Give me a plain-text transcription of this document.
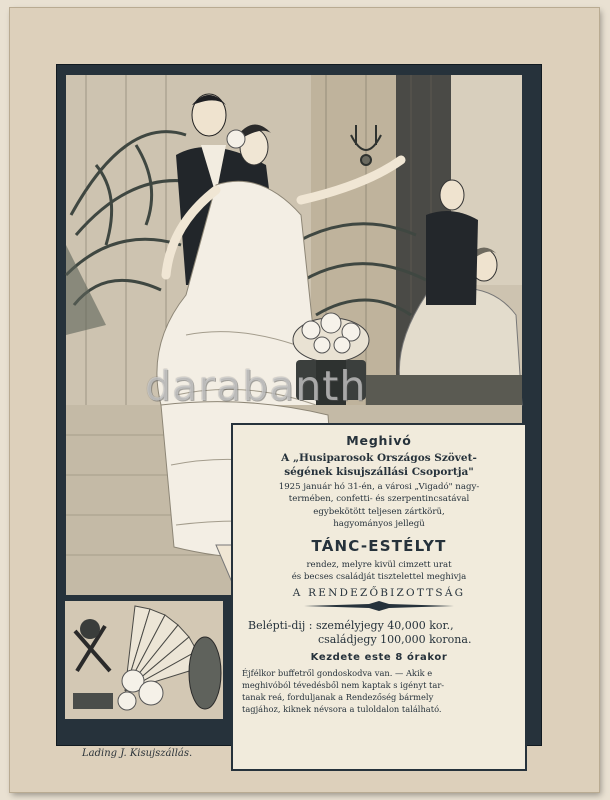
Meghivó
A „Husiparosok Országos Szövet-
ségének kisujszállási Csoportja"
1925 január hó 31-én, a városi „Vigadó" nagy-
termében, confetti- és szerpentincsatával
egybekötött teljesen zártkörü,
hagyományos jellegü
TÁNC-ESTÉLYT
rendez, melyre kivül cimzett urat
és becses családját tisztelettel meghivja
A RENDEZŐBIZOTTSÁG
Belépti-dij : személyjegy 40,000 kor.,
családjegy 100,000 korona.
Kezdete este 8 órakor
Éjfélkor buffetről gondoskodva van. — Akik e
meghivóból tévedésből nem kaptak s igényt tar-
tanak reá, forduljanak a Rendezőség bármely
tagjához, kiknek névsora a tuloldalon található.
Lading J. Kisujszállás.
darabanth
